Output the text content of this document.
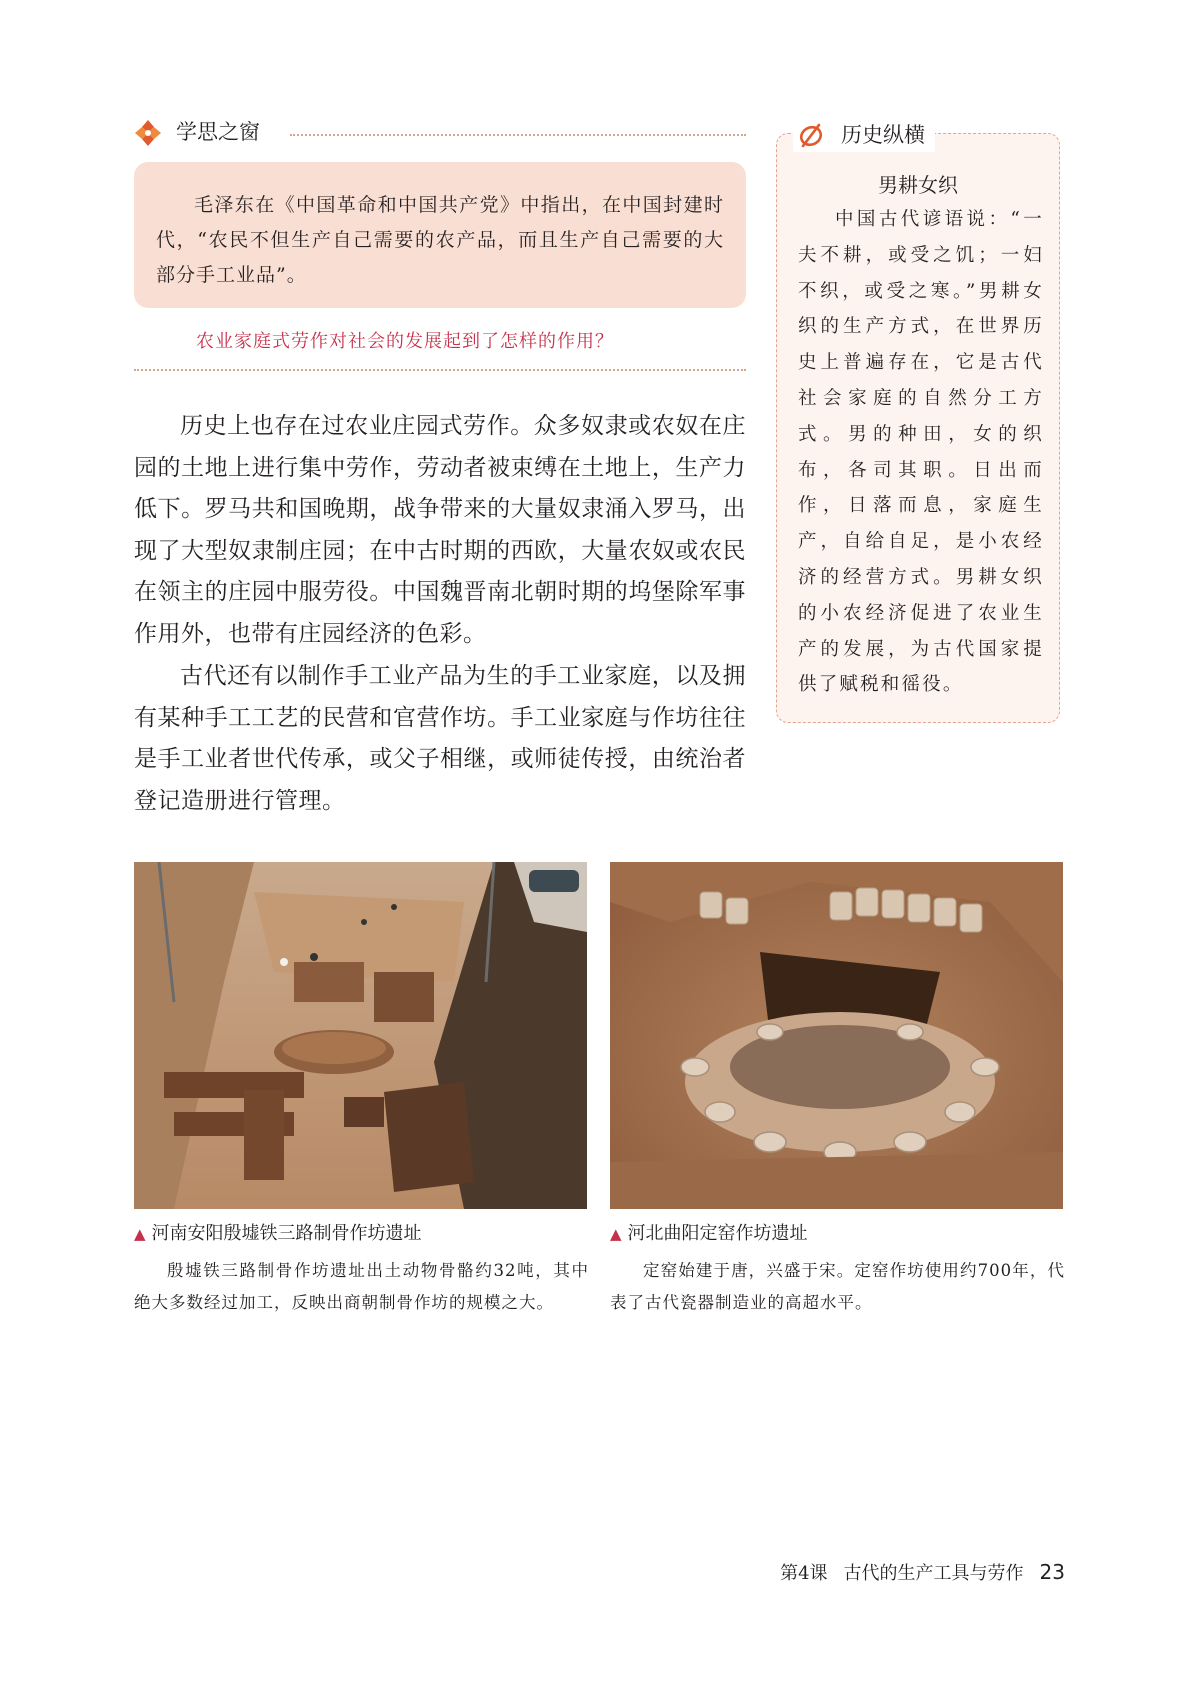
学思之窗

毛泽东在《中国革命和中国共产党》中指出，在中国封建时代，“农民不但生产自己需要的农产品，而且生产自己需要的大部分手工业品”。

农业家庭式劳作对社会的发展起到了怎样的作用？

历史上也存在过农业庄园式劳作。众多奴隶或农奴在庄园的土地上进行集中劳作，劳动者被束缚在土地上，生产力低下。罗马共和国晚期，战争带来的大量奴隶涌入罗马，出现了大型奴隶制庄园；在中古时期的西欧，大量农奴或农民在领主的庄园中服劳役。中国魏晋南北朝时期的坞堡除军事作用外，也带有庄园经济的色彩。

古代还有以制作手工业产品为生的手工业家庭，以及拥有某种手工工艺的民营和官营作坊。手工业家庭与作坊往往是手工业者世代传承，或父子相继，或师徒传授，由统治者登记造册进行管理。

历史纵横
男耕女织

中国古代谚语说：“一夫不耕，或受之饥；一妇不织，或受之寒。”男耕女织的生产方式，在世界历史上普遍存在，它是古代社会家庭的自然分工方式。男的种田，女的织布，各司其职。日出而作，日落而息，家庭生产，自给自足，是小农经济的经营方式。男耕女织的小农经济促进了农业生产的发展，为古代国家提供了赋税和徭役。

▲ 河南安阳殷墟铁三路制骨作坊遗址

殷墟铁三路制骨作坊遗址出土动物骨骼约32吨，其中绝大多数经过加工，反映出商朝制骨作坊的规模之大。

▲ 河北曲阳定窑作坊遗址

定窑始建于唐，兴盛于宋。定窑作坊使用约700年，代表了古代瓷器制造业的高超水平。

第4课 古代的生产工具与劳作 23
